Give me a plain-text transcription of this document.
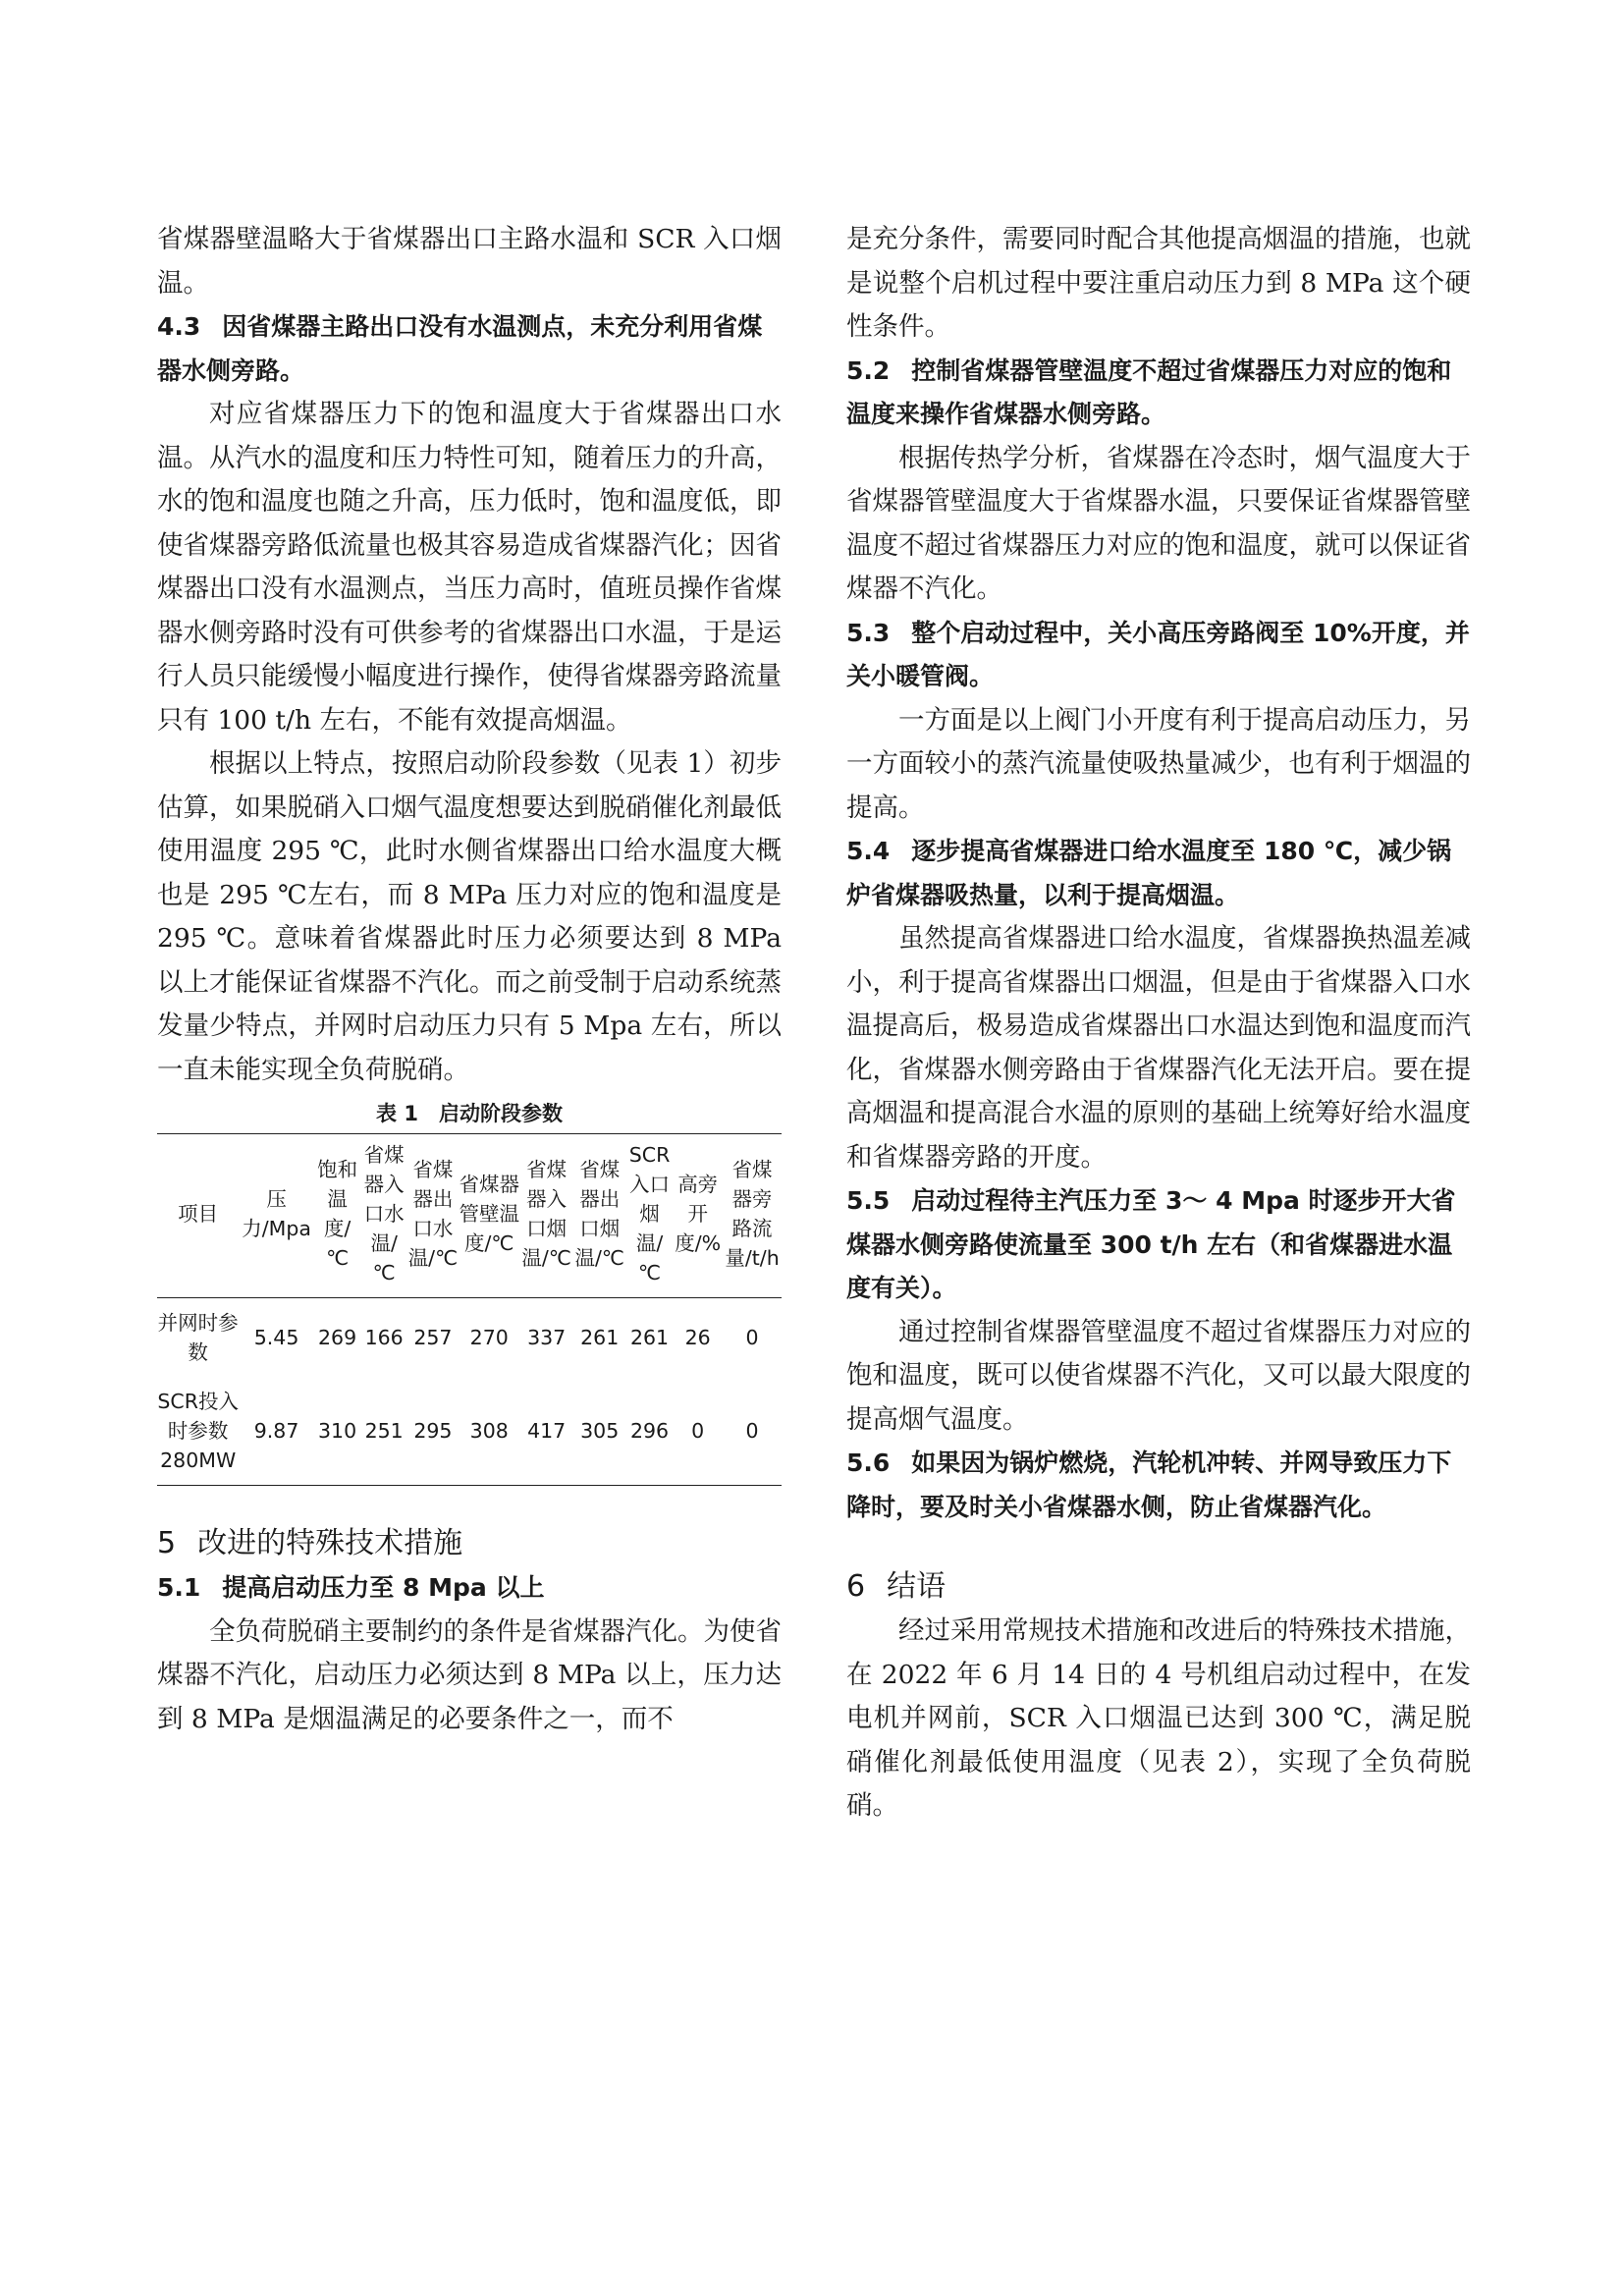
省煤器壁温略大于省煤器出口主路水温和 SCR 入口烟温。

4.3 因省煤器主路出口没有水温测点，未充分利用省煤器水侧旁路。

对应省煤器压力下的饱和温度大于省煤器出口水温。从汽水的温度和压力特性可知，随着压力的升高，水的饱和温度也随之升高，压力低时，饱和温度低，即使省煤器旁路低流量也极其容易造成省煤器汽化；因省煤器出口没有水温测点，当压力高时，值班员操作省煤器水侧旁路时没有可供参考的省煤器出口水温，于是运行人员只能缓慢小幅度进行操作，使得省煤器旁路流量只有 100 t/h 左右，不能有效提高烟温。

根据以上特点，按照启动阶段参数（见表 1）初步估算，如果脱硝入口烟气温度想要达到脱硝催化剂最低使用温度 295 ℃，此时水侧省煤器出口给水温度大概也是 295 ℃左右，而 8 MPa 压力对应的饱和温度是 295 ℃。意味着省煤器此时压力必须要达到 8 MPa 以上才能保证省煤器不汽化。而之前受制于启动系统蒸发量少特点，并网时启动压力只有 5 Mpa 左右，所以一直未能实现全负荷脱硝。

表 1　启动阶段参数
项目	压力/Mpa	饱和温度/℃	省煤器入口水温/℃	省煤器出口水温/℃	省煤器管壁温度/℃	省煤器入口烟温/℃	省煤器出口烟温/℃	SCR入口烟温/℃	高旁开度/%	省煤器旁路流量/t/h
并网时参数	5.45	269	166	257	270	337	261	261	26	0
SCR投入时参数280MW	9.87	310	251	295	308	417	305	296	0	0
5 改进的特殊技术措施
5.1 提高启动压力至 8 Mpa 以上

全负荷脱硝主要制约的条件是省煤器汽化。为使省煤器不汽化，启动压力必须达到 8 MPa 以上，压力达到 8 MPa 是烟温满足的必要条件之一，而不

是充分条件，需要同时配合其他提高烟温的措施，也就是说整个启机过程中要注重启动压力到 8 MPa 这个硬性条件。

5.2 控制省煤器管壁温度不超过省煤器压力对应的饱和温度来操作省煤器水侧旁路。

根据传热学分析，省煤器在冷态时，烟气温度大于省煤器管壁温度大于省煤器水温，只要保证省煤器管壁温度不超过省煤器压力对应的饱和温度，就可以保证省煤器不汽化。

5.3 整个启动过程中，关小高压旁路阀至 10%开度，并关小暖管阀。

一方面是以上阀门小开度有利于提高启动压力，另一方面较小的蒸汽流量使吸热量减少，也有利于烟温的提高。

5.4 逐步提高省煤器进口给水温度至 180 ℃，减少锅炉省煤器吸热量，以利于提高烟温。

虽然提高省煤器进口给水温度，省煤器换热温差减小，利于提高省煤器出口烟温，但是由于省煤器入口水温提高后，极易造成省煤器出口水温达到饱和温度而汽化，省煤器水侧旁路由于省煤器汽化无法开启。要在提高烟温和提高混合水温的原则的基础上统筹好给水温度和省煤器旁路的开度。

5.5 启动过程待主汽压力至 3～ 4 Mpa 时逐步开大省煤器水侧旁路使流量至 300 t/h 左右（和省煤器进水温度有关）。

通过控制省煤器管壁温度不超过省煤器压力对应的饱和温度，既可以使省煤器不汽化，又可以最大限度的提高烟气温度。

5.6 如果因为锅炉燃烧，汽轮机冲转、并网导致压力下降时，要及时关小省煤器水侧，防止省煤器汽化。
6 结语

经过采用常规技术措施和改进后的特殊技术措施，在 2022 年 6 月 14 日的 4 号机组启动过程中，在发电机并网前，SCR 入口烟温已达到 300 ℃，满足脱硝催化剂最低使用温度（见表 2），实现了全负荷脱硝。
